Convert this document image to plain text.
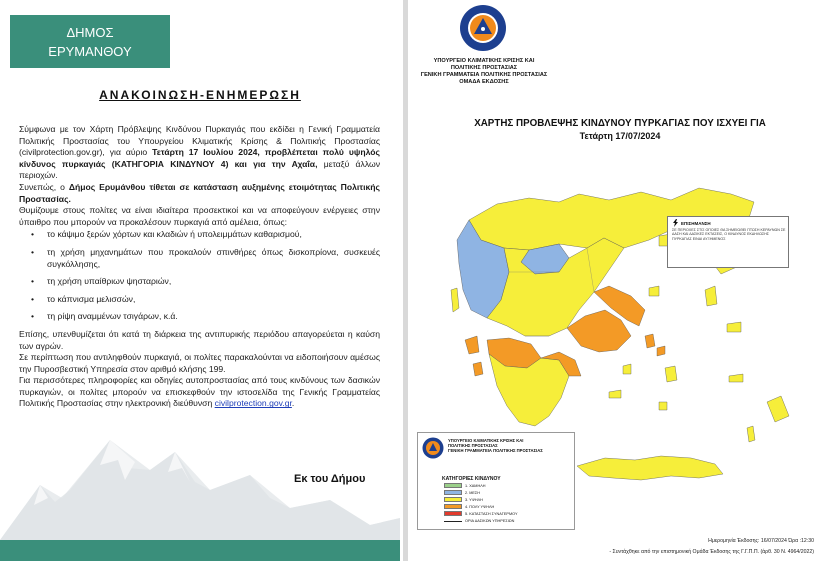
ΔΗΜΟΣ
ΕΡΥΜΑΝΘΟΥ
ΑΝΑΚΟΙΝΩΣΗ-ΕΝΗΜΕΡΩΣΗ

Σύμφωνα με τον Χάρτη Πρόβλεψης Κινδύνου Πυρκαγιάς που εκδίδει η Γενική Γραμματεία Πολιτικής Προστασίας του Υπουργείου Κλιματικής Κρίσης & Πολιτικής Προστασίας (civilprotection.gov.gr), για αύριο Τετάρτη 17 Ιουλίου 2024, προβλέπεται πολύ υψηλός κίνδυνος πυρκαγιάς (ΚΑΤΗΓΟΡΙΑ ΚΙΝΔΥΝΟΥ 4) και για την Αχαΐα, μεταξύ άλλων περιοχών.

Συνεπώς, ο Δήμος Ερυμάνθου τίθεται σε κατάσταση αυξημένης ετοιμότητας Πολιτικής Προστασίας.

Θυμίζουμε στους πολίτες να είναι ιδιαίτερα προσεκτικοί και να αποφεύγουν ενέργειες στην ύπαιθρο που μπορούν να προκαλέσουν πυρκαγιά από αμέλεια, όπως:

• το κάψιμο ξερών χόρτων και κλαδιών ή υπολειμμάτων καθαρισμού,
• τη χρήση μηχανημάτων που προκαλούν σπινθήρες όπως δισκοπρίονα, συσκευές συγκόλλησης,
• τη χρήση υπαίθριων ψησταριών,
• το κάπνισμα μελισσών,
• τη ρίψη αναμμένων τσιγάρων, κ.ά.

Επίσης, υπενθυμίζεται ότι κατά τη διάρκεια της αντιπυρικής περιόδου απαγορεύεται η καύση των αγρών.

Σε περίπτωση που αντιληφθούν πυρκαγιά, οι πολίτες παρακαλούνται να ειδοποιήσουν αμέσως την Πυροσβεστική Υπηρεσία στον αριθμό κλήσης 199.

Για περισσότερες πληροφορίες και οδηγίες αυτοπροστασίας από τους κινδύνους των δασικών πυρκαγιών, οι πολίτες μπορούν να επισκεφθούν την ιστοσελίδα της Γενικής Γραμματείας Πολιτικής Προστασίας στην ηλεκτρονική διεύθυνση civilprotection.gov.gr.

Εκ του Δήμου
ΥΠΟΥΡΓΕΙΟ ΚΛΙΜΑΤΙΚΗΣ ΚΡΙΣΗΣ ΚΑΙ
ΠΟΛΙΤΙΚΗΣ ΠΡΟΣΤΑΣΙΑΣ
ΓΕΝΙΚΗ ΓΡΑΜΜΑΤΕΙΑ ΠΟΛΙΤΙΚΗΣ ΠΡΟΣΤΑΣΙΑΣ
ΟΜΑΔΑ ΕΚΔΟΣΗΣ
ΧΑΡΤΗΣ ΠΡΟΒΛΕΨΗΣ ΚΙΝΔΥΝΟΥ ΠΥΡΚΑΓΙΑΣ ΠΟΥ ΙΣΧΥΕΙ ΓΙΑ
Τετάρτη 17/07/2024
ΕΠΙΣΗΜΑΝΣΗ
ΣΕ ΠΕΡΙΟΧΕΣ ΣΤΙΣ ΟΠΟΙΕΣ ΘΑ ΣΗΜΕΙΩΘΕΙ ΠΤΩΣΗ ΚΕΡΑΥΝΩΝ ΣΕ ΔΑΣΗ ΚΑΙ ΔΑΣΙΚΕΣ ΕΚΤΑΣΕΙΣ, Ο ΚΙΝΔΥΝΟΣ ΕΚΔΗΛΩΣΗΣ ΠΥΡΚΑΓΙΑΣ ΕΙΝΑΙ ΑΥΞΗΜΕΝΟΣ
ΥΠΟΥΡΓΕΙΟ ΚΛΙΜΑΤΙΚΗΣ ΚΡΙΣΗΣ ΚΑΙ
ΠΟΛΙΤΙΚΗΣ ΠΡΟΣΤΑΣΙΑΣ
ΓΕΝΙΚΗ ΓΡΑΜΜΑΤΕΙΑ ΠΟΛΙΤΙΚΗΣ ΠΡΟΣΤΑΣΙΑΣ
ΚΑΤΗΓΟΡΙΕΣ ΚΙΝΔΥΝΟΥ
1. ΧΑΜΗΛΗ
2. ΜΕΣΗ
3. ΥΨΗΛΗ
4. ΠΟΛΥ ΥΨΗΛΗ
5. ΚΑΤΑΣΤΑΣΗ ΣΥΝΑΓΕΡΜΟΥ
ΟΡΙΑ ΔΑΣΙΚΩΝ ΥΠΗΡΕΣΙΩΝ
Ημερομηνία Έκδοσης: 16/07/2024 Ώρα :12:30
- Συντάχθηκε από την επιστημονική Ομάδα Έκδοσης της Γ.Γ.Π.Π. (άρθ. 30 Ν. 4964/2022)
